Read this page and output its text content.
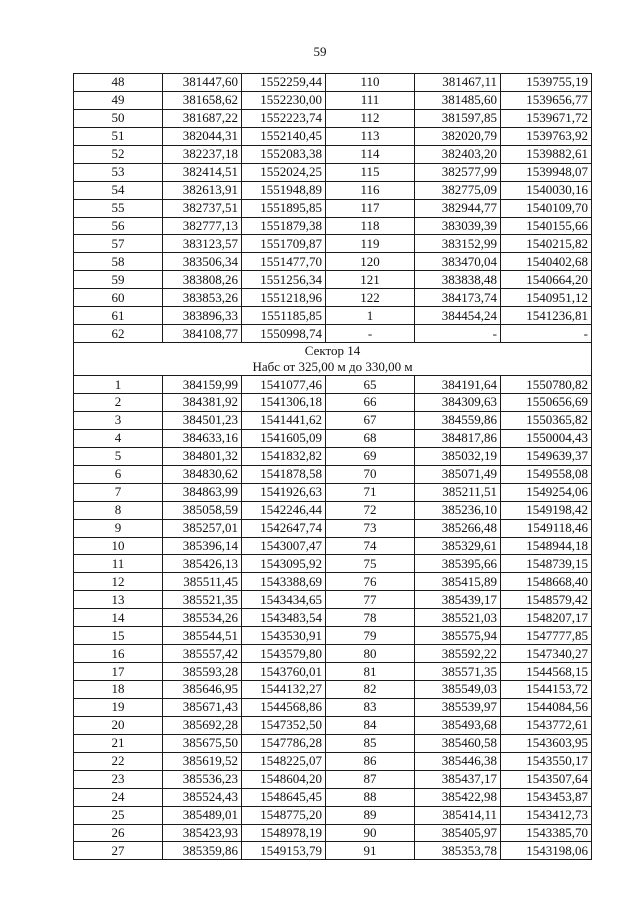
59
48	381447,60	1552259,44	110	381467,11	1539755,19
49	381658,62	1552230,00	111	381485,60	1539656,77
50	381687,22	1552223,74	112	381597,85	1539671,72
51	382044,31	1552140,45	113	382020,79	1539763,92
52	382237,18	1552083,38	114	382403,20	1539882,61
53	382414,51	1552024,25	115	382577,99	1539948,07
54	382613,91	1551948,89	116	382775,09	1540030,16
55	382737,51	1551895,85	117	382944,77	1540109,70
56	382777,13	1551879,38	118	383039,39	1540155,66
57	383123,57	1551709,87	119	383152,99	1540215,82
58	383506,34	1551477,70	120	383470,04	1540402,68
59	383808,26	1551256,34	121	383838,48	1540664,20
60	383853,26	1551218,96	122	384173,74	1540951,12
61	383896,33	1551185,85	1	384454,24	1541236,81
62	384108,77	1550998,74	-	-	-

Сектор 14
Набс от 325,00 м до 330,00 м					

1	384159,99	1541077,46	65	384191,64	1550780,82
2	384381,92	1541306,18	66	384309,63	1550656,69
3	384501,23	1541441,62	67	384559,86	1550365,82
4	384633,16	1541605,09	68	384817,86	1550004,43
5	384801,32	1541832,82	69	385032,19	1549639,37
6	384830,62	1541878,58	70	385071,49	1549558,08
7	384863,99	1541926,63	71	385211,51	1549254,06
8	385058,59	1542246,44	72	385236,10	1549198,42
9	385257,01	1542647,74	73	385266,48	1549118,46
10	385396,14	1543007,47	74	385329,61	1548944,18
11	385426,13	1543095,92	75	385395,66	1548739,15
12	385511,45	1543388,69	76	385415,89	1548668,40
13	385521,35	1543434,65	77	385439,17	1548579,42
14	385534,26	1543483,54	78	385521,03	1548207,17
15	385544,51	1543530,91	79	385575,94	1547777,85
16	385557,42	1543579,80	80	385592,22	1547340,27
17	385593,28	1543760,01	81	385571,35	1544568,15
18	385646,95	1544132,27	82	385549,03	1544153,72
19	385671,43	1544568,86	83	385539,97	1544084,56
20	385692,28	1547352,50	84	385493,68	1543772,61
21	385675,50	1547786,28	85	385460,58	1543603,95
22	385619,52	1548225,07	86	385446,38	1543550,17
23	385536,23	1548604,20	87	385437,17	1543507,64
24	385524,43	1548645,45	88	385422,98	1543453,87
25	385489,01	1548775,20	89	385414,11	1543412,73
26	385423,93	1548978,19	90	385405,97	1543385,70
27	385359,86	1549153,79	91	385353,78	1543198,06
